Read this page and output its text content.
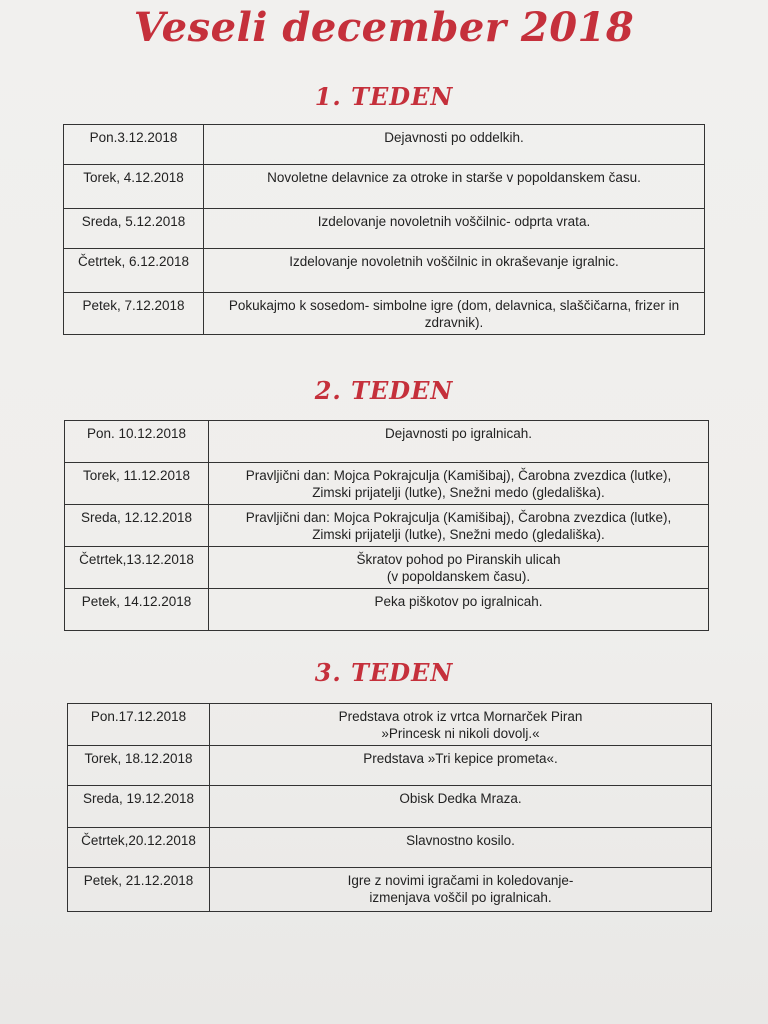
Veseli december 2018
1. TEDEN
Pon.3.12.2018	Dejavnosti po oddelkih.

Torek, 4.12.2018	Novoletne delavnice za otroke in starše v popoldanskem času.

Sreda, 5.12.2018	Izdelovanje novoletnih voščilnic- odprta vrata.

Četrtek, 6.12.2018	Izdelovanje novoletnih voščilnic in okraševanje igralnic.

Petek, 7.12.2018	Pokukajmo k sosedom- simbolne igre (dom, delavnica, slaščičarna, frizer in
zdravnik).
2. TEDEN
Pon. 10.12.2018	Dejavnosti po igralnicah.

Torek, 11.12.2018	Pravljični dan: Mojca Pokrajculja (Kamišibaj), Čarobna zvezdica (lutke),
Zimski prijatelji (lutke), Snežni medo (gledališka).

Sreda, 12.12.2018	Pravljični dan: Mojca Pokrajculja (Kamišibaj), Čarobna zvezdica (lutke),
Zimski prijatelji (lutke), Snežni medo (gledališka).

Četrtek,13.12.2018	Škratov pohod po Piranskih ulicah
(v popoldanskem času).

Petek, 14.12.2018	Peka piškotov po igralnicah.
3. TEDEN
Pon.17.12.2018	Predstava otrok iz vrtca Mornarček Piran
»Princesk ni nikoli dovolj.«

Torek, 18.12.2018	Predstava »Tri kepice prometa«.

Sreda, 19.12.2018	Obisk Dedka Mraza.

Četrtek,20.12.2018	Slavnostno kosilo.

Petek, 21.12.2018	Igre z novimi igračami in koledovanje-
izmenjava voščil po igralnicah.
